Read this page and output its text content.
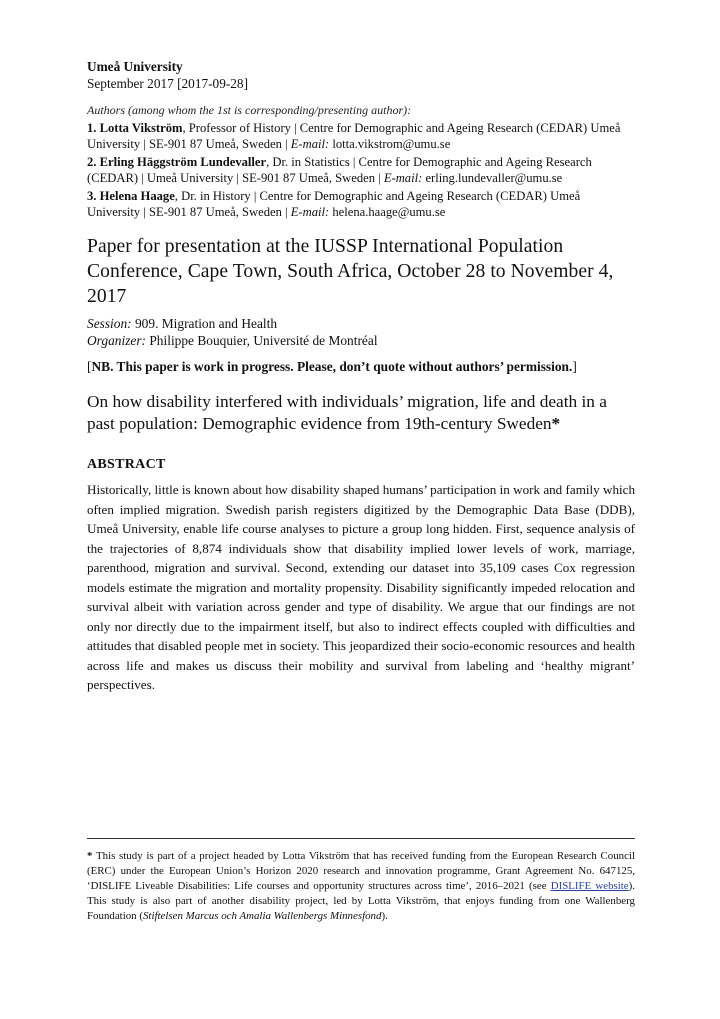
Umeå University
September 2017 [2017-09-28]
Authors (among whom the 1st is corresponding/presenting author):
1. Lotta Vikström, Professor of History | Centre for Demographic and Ageing Research (CEDAR) Umeå University | SE-901 87 Umeå, Sweden | E-mail: lotta.vikstrom@umu.se
2. Erling Häggström Lundevaller, Dr. in Statistics | Centre for Demographic and Ageing Research (CEDAR) | Umeå University | SE-901 87 Umeå, Sweden | E-mail: erling.lundevaller@umu.se
3. Helena Haage, Dr. in History | Centre for Demographic and Ageing Research (CEDAR) Umeå University | SE-901 87 Umeå, Sweden | E-mail: helena.haage@umu.se
Paper for presentation at the IUSSP International Population Conference, Cape Town, South Africa, October 28 to November 4, 2017
Session: 909. Migration and Health
Organizer: Philippe Bouquier, Université de Montréal
[NB. This paper is work in progress. Please, don’t quote without authors’ permission.]
On how disability interfered with individuals’ migration, life and death in a past population: Demographic evidence from 19th-century Sweden*
ABSTRACT
Historically, little is known about how disability shaped humans’ participation in work and family which often implied migration. Swedish parish registers digitized by the Demographic Data Base (DDB), Umeå University, enable life course analyses to picture a group long hidden. First, sequence analysis of the trajectories of 8,874 individuals show that disability implied lower levels of work, marriage, parenthood, migration and survival. Second, extending our dataset into 35,109 cases Cox regression models estimate the migration and mortality propensity. Disability significantly impeded relocation and survival albeit with variation across gender and type of disability. We argue that our findings are not only nor directly due to the impairment itself, but also to indirect effects coupled with difficulties and attitudes that disabled people met in society. This jeopardized their socio-economic resources and health across life and makes us discuss their mobility and survival from labeling and ‘healthy migrant’ perspectives.
* This study is part of a project headed by Lotta Vikström that has received funding from the European Research Council (ERC) under the European Union’s Horizon 2020 research and innovation programme, Grant Agreement No. 647125, ‘DISLIFE Liveable Disabilities: Life courses and opportunity structures across time’, 2016–2021 (see DISLIFE website). This study is also part of another disability project, led by Lotta Vikström, that enjoys funding from one Wallenberg Foundation (Stiftelsen Marcus och Amalia Wallenbergs Minnesfond).
